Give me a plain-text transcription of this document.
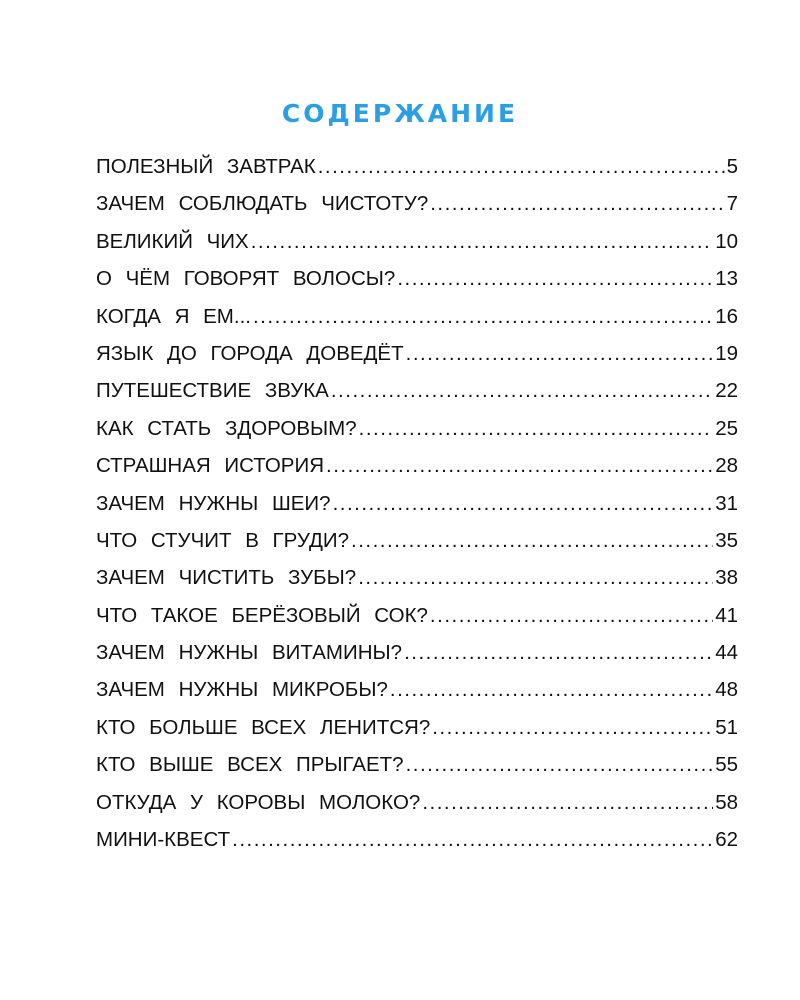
СОДЕРЖАНИЕ
ПОЛЕЗНЫЙ ЗАВТРАК .....	5
ЗАЧЕМ СОБЛЮДАТЬ ЧИСТОТУ? .....	7
ВЕЛИКИЙ ЧИХ .....	10
О ЧЁМ ГОВОРЯТ ВОЛОСЫ? .....	13
КОГДА Я ЕМ... .....	16
ЯЗЫК ДО ГОРОДА ДОВЕДЁТ .....	19
ПУТЕШЕСТВИЕ ЗВУКА .....	22
КАК СТАТЬ ЗДОРОВЫМ? .....	25
СТРАШНАЯ ИСТОРИЯ .....	28
ЗАЧЕМ НУЖНЫ ШЕИ? .....	31
ЧТО СТУЧИТ В ГРУДИ? .....	35
ЗАЧЕМ ЧИСТИТЬ ЗУБЫ? .....	38
ЧТО ТАКОЕ БЕРЁЗОВЫЙ СОК? .....	41
ЗАЧЕМ НУЖНЫ ВИТАМИНЫ? .....	44
ЗАЧЕМ НУЖНЫ МИКРОБЫ? .....	48
КТО БОЛЬШЕ ВСЕХ ЛЕНИТСЯ? .....	51
КТО ВЫШЕ ВСЕХ ПРЫГАЕТ? .....	55
ОТКУДА У КОРОВЫ МОЛОКО? .....	58
МИНИ-КВЕСТ .....	62
